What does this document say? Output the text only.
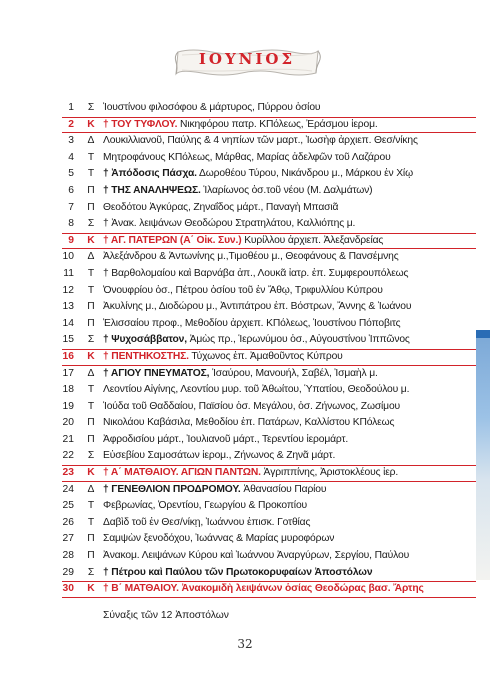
ΙΟΥΝΙΟΣ
1	Σ Ἰουστίνου φιλοσόφου & μάρτυρος, Πύρρου ὁσίου
2	Κ † ΤΟΥ ΤΥΦΛΟΥ. Νικηφόρου πατρ. ΚΠόλεως, Ἐράσμου ἱερομ.
3	Δ Λουκιλλιανοῦ, Παύλης & 4 νηπίων τῶν μαρτ., Ἰωσὴφ ἀρχιεπ. Θεσ/νίκης
4	Τ Μητροφάνους ΚΠόλεως, Μάρθας, Μαρίας ἀδελφῶν τοῦ Λαζάρου
5	Τ † Ἀπόδοσις Πάσχα. Δωροθέου Τύρου, Νικάνδρου μ., Μάρκου ἐν Χίῳ
6	Π † ΤΗΣ ΑΝΑΛΗΨΕΩΣ. Ἱλαρίωνος ὁσ.τοῦ νέου (Μ. Δαλμάτων)
7	Π Θεοδότου Ἀγκύρας, Ζηναΐδος μάρτ., Παναγὴ Μπασιᾶ
8	Σ † Ἀνακ. λειψάνων Θεοδώρου Στρατηλάτου, Καλλιόπης μ.
9	Κ † ΑΓ. ΠΑΤΕΡΩΝ (Α΄ Οἰκ. Συν.) Κυρίλλου ἀρχιεπ. Ἀλεξανδρείας
10	Δ Ἀλεξάνδρου & Ἀντωνίνης μ.,Τιμοθέου μ., Θεοφάνους & Πανσέμνης
11	Τ † Βαρθολομαίου καὶ Βαρνάβα ἀπ., Λουκᾶ ἰατρ. ἐπ. Συμφερουπόλεως
12	Τ Ὀνουφρίου ὁσ., Πέτρου ὁσίου τοῦ ἐν Ἄθῳ, Τριφυλλίου Κύπρου
13	Π Ἀκυλίνης μ., Διοδώρου μ., Ἀντιπάτρου ἐπ. Βόστρων, Ἄννης & Ἰωάνου
14	Π Ἐλισσαίου προφ., Μεθοδίου ἀρχιεπ. ΚΠόλεως, Ἰουστίνου Πόποβιτς
15	Σ † Ψυχοσάββατον, Ἀμὼς πρ., Ἱερωνύμου ὁσ., Αὐγουστίνου Ἱππῶνος
16	Κ † ΠΕΝΤΗΚΟΣΤΗΣ. Τύχωνος ἐπ. Ἀμαθοῦντος Κύπρου
17	Δ † ΑΓΙΟΥ ΠΝΕΥΜΑΤΟΣ, Ἰσαύρου, Μανουήλ, Σαβέλ, Ἰσμαὴλ μ.
18	Τ Λεοντίου Αἰγίνης, Λεοντίου μυρ. τοῦ Ἀθωίτου, Ὑπατίου, Θεοδούλου μ.
19	Τ Ἰούδα τοῦ Θαδδαίου, Παϊσίου ὁσ. Μεγάλου, ὁσ. Ζήνωνος, Ζωσίμου
20	Π Νικολάου Καβάσιλα, Μεθοδίου ἐπ. Πατάρων, Καλλίστου ΚΠόλεως
21	Π Ἀφροδισίου μάρτ., Ἰουλιανοῦ μάρτ., Τερεντίου ἱερομάρτ.
22	Σ Εὐσεβίου Σαμοσάτων ἱερομ., Ζήνωνος & Ζηνᾶ μάρτ.
23	Κ † Α΄ ΜΑΤΘΑΙΟΥ. ΑΓΙΩΝ ΠΑΝΤΩΝ. Ἀγριππίνης, Ἀριστοκλέους ἱερ.
24	Δ † ΓΕΝΕΘΛΙΟΝ ΠΡΟΔΡΟΜΟΥ. Ἀθανασίου Παρίου
25	Τ Φεβρωνίας, Ὀρεντίου, Γεωργίου & Προκοπίου
26	Τ Δαβὶδ τοῦ ἐν Θεσ/νίκῃ, Ἰωάννου ἐπισκ. Γοτθίας
27	Π Σαμψὼν ξενοδόχου, Ἰωάννας & Μαρίας μυροφόρων
28	Π Ἀνακομ. Λειψάνων Κύρου καὶ Ἰωάννου Ἀναργύρων, Σεργίου, Παύλου
29	Σ † Πέτρου καὶ Παύλου τῶν Πρωτοκορυφαίων Ἀποστόλων
30	Κ † Β΄ ΜΑΤΘΑΙΟΥ. Ἀνακομιδὴ λειψάνων ὁσίας Θεοδώρας βασ. Ἄρτης
Σύναξις τῶν 12 Ἀποστόλων
32
